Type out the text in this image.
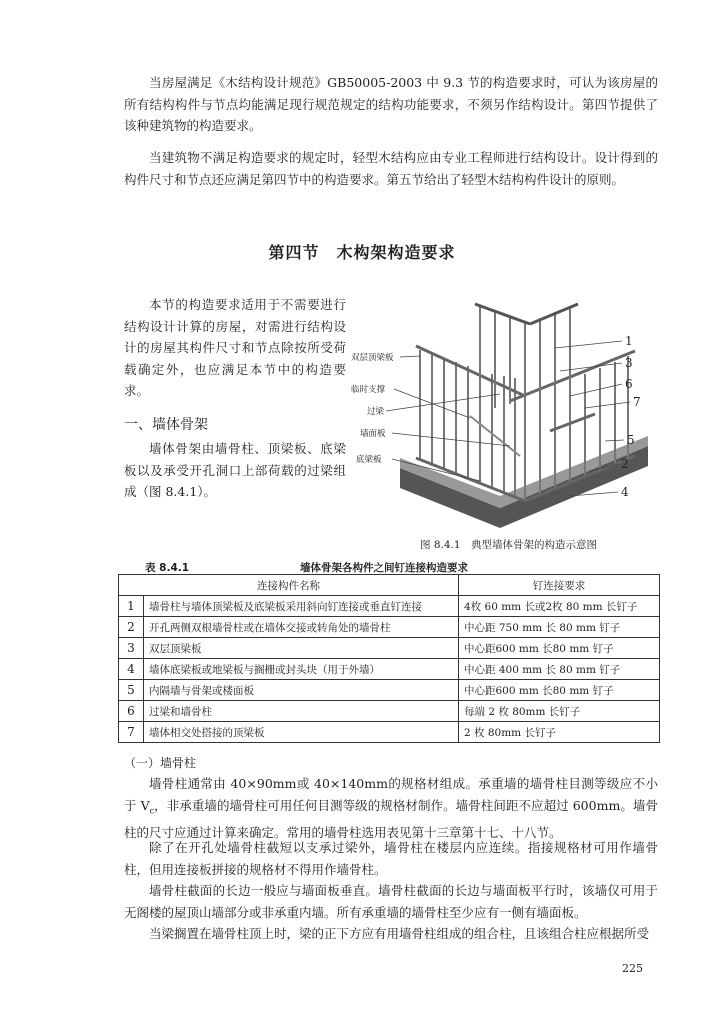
当房屋满足《木结构设计规范》GB50005-2003 中 9.3 节的构造要求时，可认为该房屋的所有结构构件与节点均能满足现行规范规定的结构功能要求，不须另作结构设计。第四节提供了该种建筑物的构造要求。

当建筑物不满足构造要求的规定时，轻型木结构应由专业工程师进行结构设计。设计得到的构件尺寸和节点还应满足第四节中的构造要求。第五节给出了轻型木结构构件设计的原则。

第四节　木构架构造要求

本节的构造要求适用于不需要进行结构设计计算的房屋，对需进行结构设计的房屋其构件尺寸和节点除按所受荷载确定外，也应满足本节中的构造要求。

一、墙体骨架

墙体骨架由墙骨柱、顶梁板、底梁板以及承受开孔洞口上部荷载的过梁组成（图 8.4.1）。

双层顶梁板
临时支撑
过梁
墙面板
底梁板
1
3
6
7
5
2
4

图 8.4.1　典型墙体骨架的构造示意图

表 8.4.1	墙体骨架各构件之间钉连接构造要求
连接构件名称		钉连接要求
1	墙骨柱与墙体顶梁板及底梁板采用斜向钉连接或垂直钉连接	4枚 60 mm 长或2枚 80 mm 长钉子
2	开孔两侧双根墙骨柱或在墙体交接或转角处的墙骨柱	中心距 750 mm 长 80 mm 钉子
3	双层顶梁板	中心距600 mm 长80 mm 钉子
4	墙体底梁板或地梁板与搁栅或封头块（用于外墙）	中心距 400 mm 长 80 mm 钉子
5	内隔墙与骨架或楼面板	中心距600 mm 长80 mm 钉子
6	过梁和墙骨柱	每端 2 枚 80mm 长钉子
7	墙体相交处搭接的顶梁板	2 枚 80mm 长钉子

（一）墙骨柱

墙骨柱通常由 40×90mm或 40×140mm的规格材组成。承重墙的墙骨柱目测等级应不小于 $V_c$，非承重墙的墙骨柱可用任何目测等级的规格材制作。墙骨柱间距不应超过 600mm。墙骨柱的尺寸应通过计算来确定。常用的墙骨柱选用表见第十三章第十七、十八节。

除了在开孔处墙骨柱截短以支承过梁外，墙骨柱在楼层内应连续。指接规格材可用作墙骨柱，但用连接板拼接的规格材不得用作墙骨柱。

墙骨柱截面的长边一般应与墙面板垂直。墙骨柱截面的长边与墙面板平行时，该墙仅可用于无阁楼的屋顶山墙部分或非承重内墙。所有承重墙的墙骨柱至少应有一侧有墙面板。

当梁搁置在墙骨柱顶上时，梁的正下方应有用墙骨柱组成的组合柱，且该组合柱应根据所受

225
